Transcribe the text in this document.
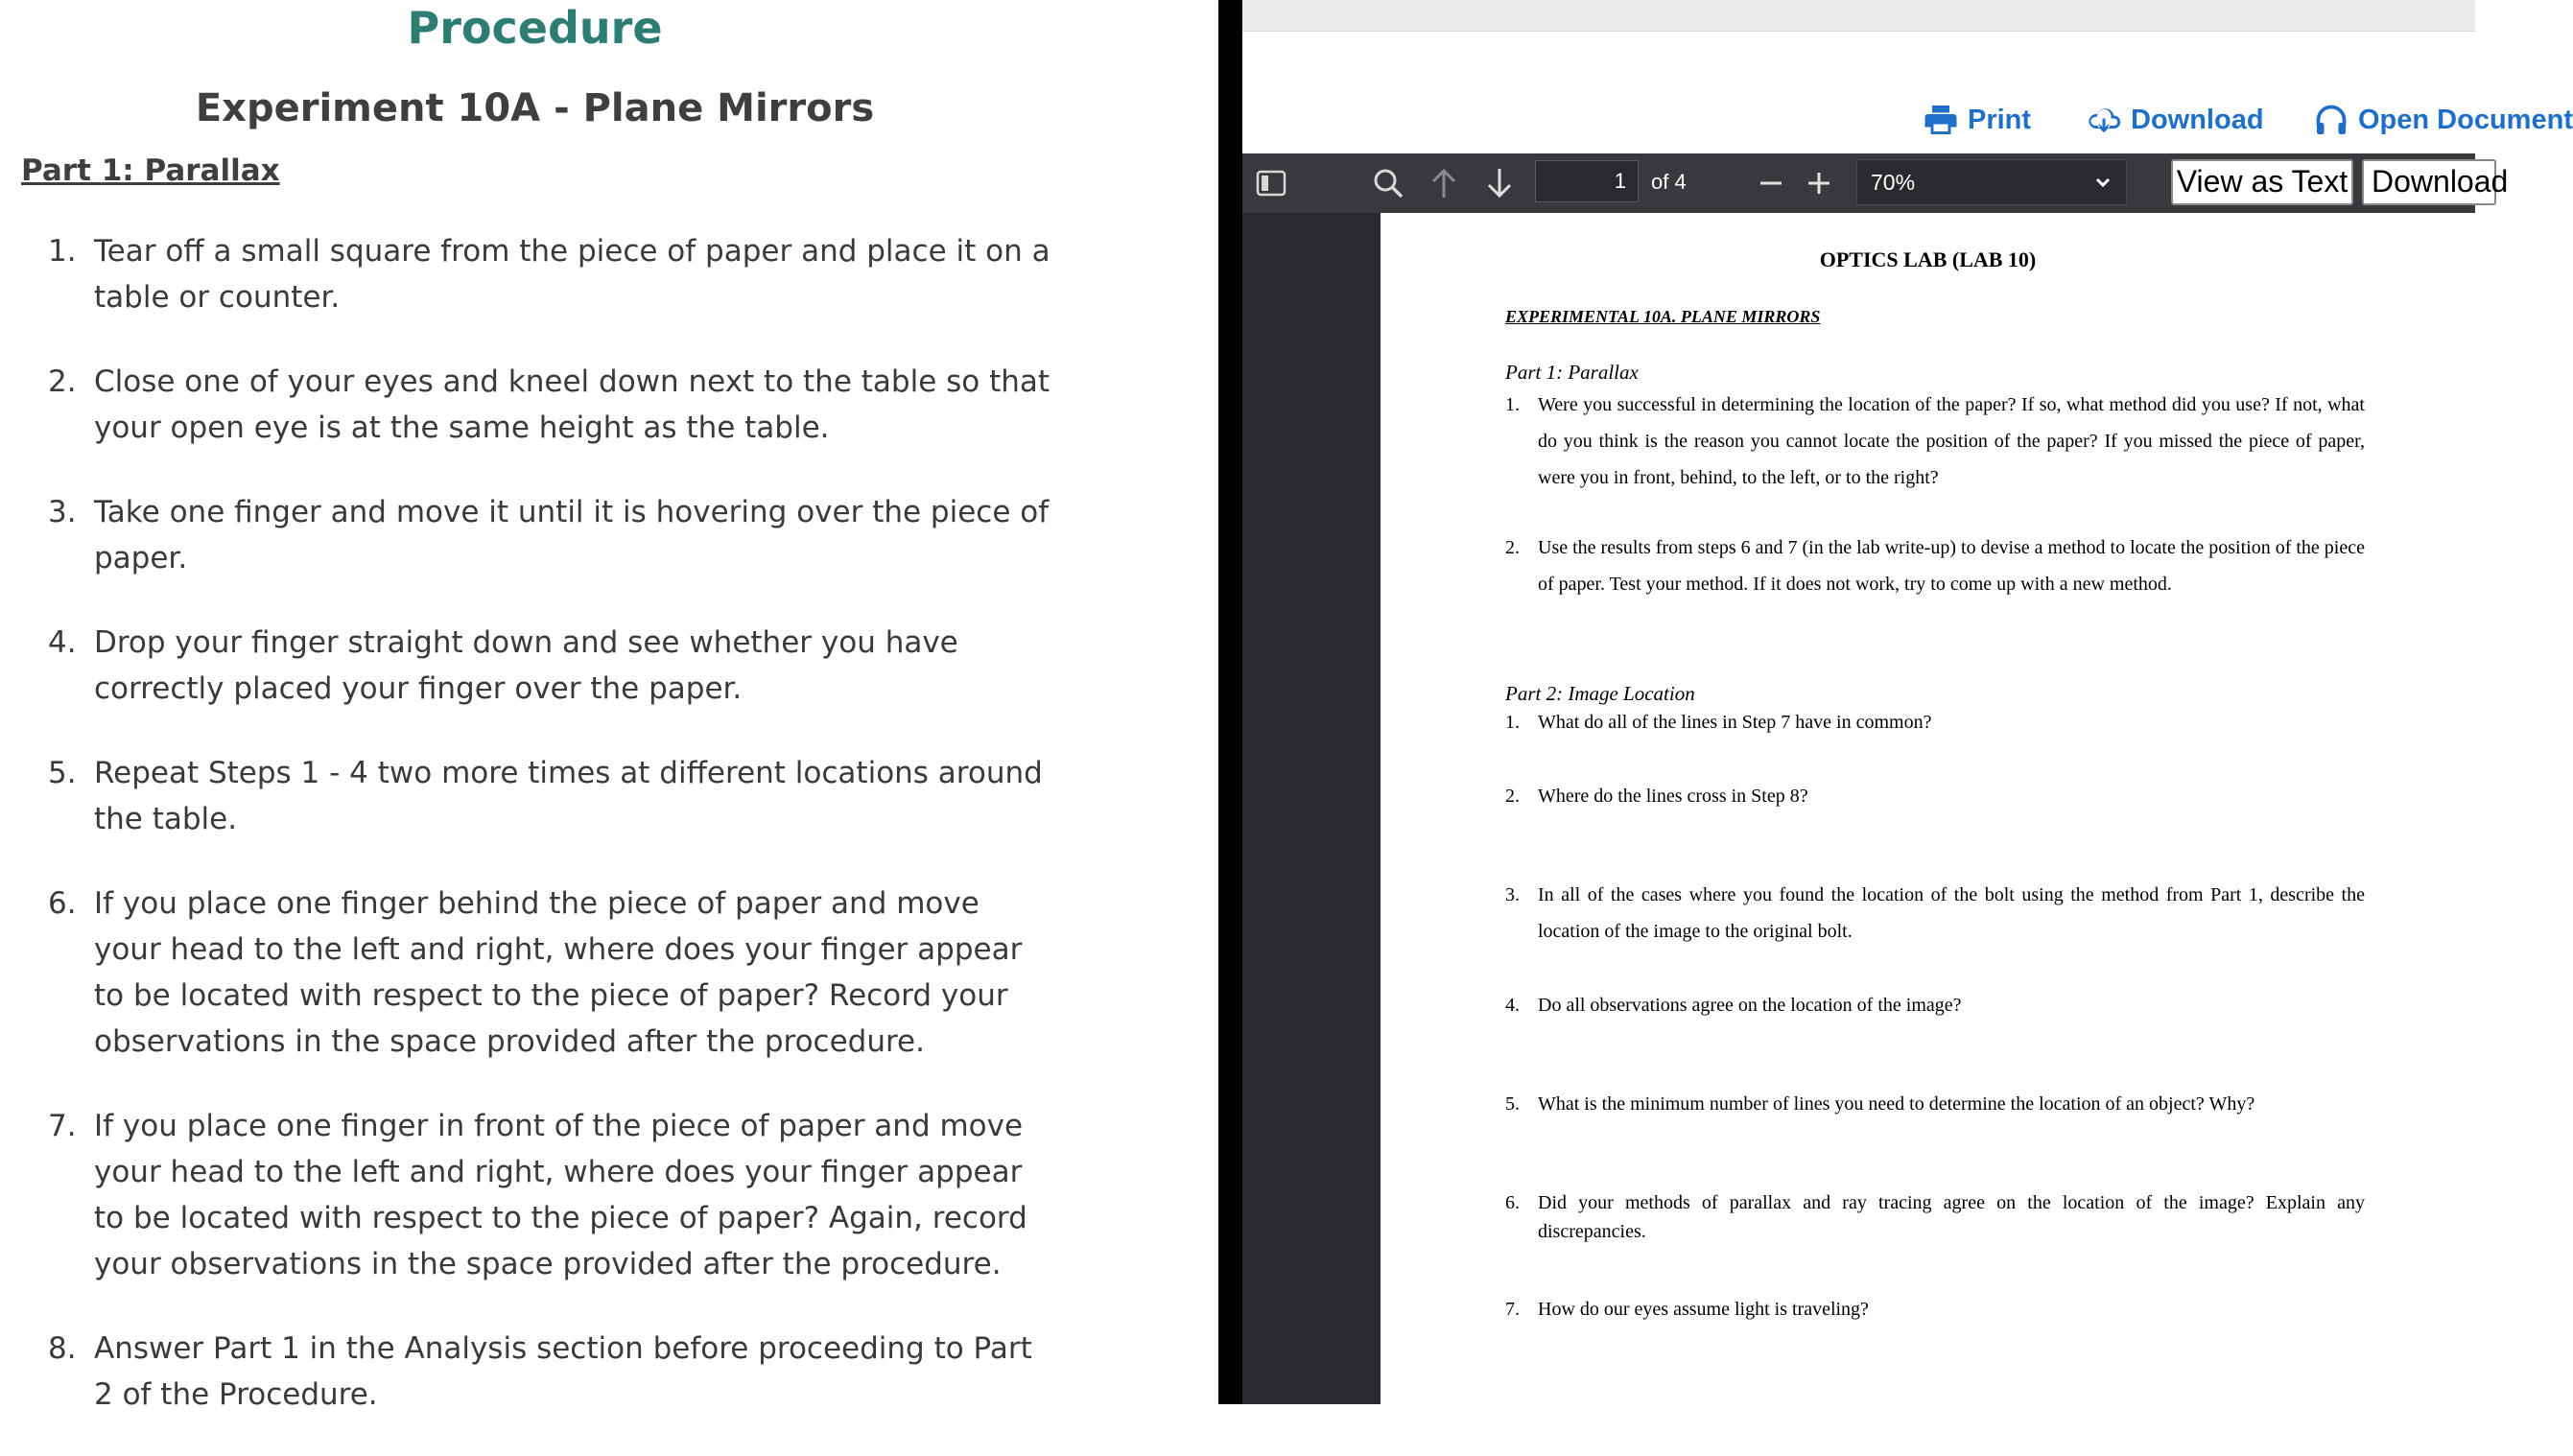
Procedure
Experiment 10A - Plane Mirrors
Part 1: Parallax
1. Tear off a small square from the piece of paper and place it on a table or counter.
2. Close one of your eyes and kneel down next to the table so that your open eye is at the same height as the table.
3. Take one finger and move it until it is hovering over the piece of paper.
4. Drop your finger straight down and see whether you have correctly placed your finger over the paper.
5. Repeat Steps 1 - 4 two more times at different locations around the table.
6. If you place one finger behind the piece of paper and move your head to the left and right, where does your finger appear to be located with respect to the piece of paper? Record your observations in the space provided after the procedure.
7. If you place one finger in front of the piece of paper and move your head to the left and right, where does your finger appear to be located with respect to the piece of paper? Again, record your observations in the space provided after the procedure.
8. Answer Part 1 in the Analysis section before proceeding to Part 2 of the Procedure.
Print	Download	Open Document
1	of 4	70%	View as Text Download
OPTICS LAB (LAB 10)
EXPERIMENTAL 10A. PLANE MIRRORS
Part 1: Parallax
1. Were you successful in determining the location of the paper? If so, what method did you use? If not, what do you think is the reason you cannot locate the position of the paper? If you missed the piece of paper, were you in front, behind, to the left, or to the right?
2. Use the results from steps 6 and 7 (in the lab write-up) to devise a method to locate the position of the piece of paper. Test your method. If it does not work, try to come up with a new method.
Part 2: Image Location
1. What do all of the lines in Step 7 have in common?
2. Where do the lines cross in Step 8?
3. In all of the cases where you found the location of the bolt using the method from Part 1, describe the location of the image to the original bolt.
4. Do all observations agree on the location of the image?
5. What is the minimum number of lines you need to determine the location of an object? Why?
6. Did your methods of parallax and ray tracing agree on the location of the image? Explain any discrepancies.
7. How do our eyes assume light is traveling?
